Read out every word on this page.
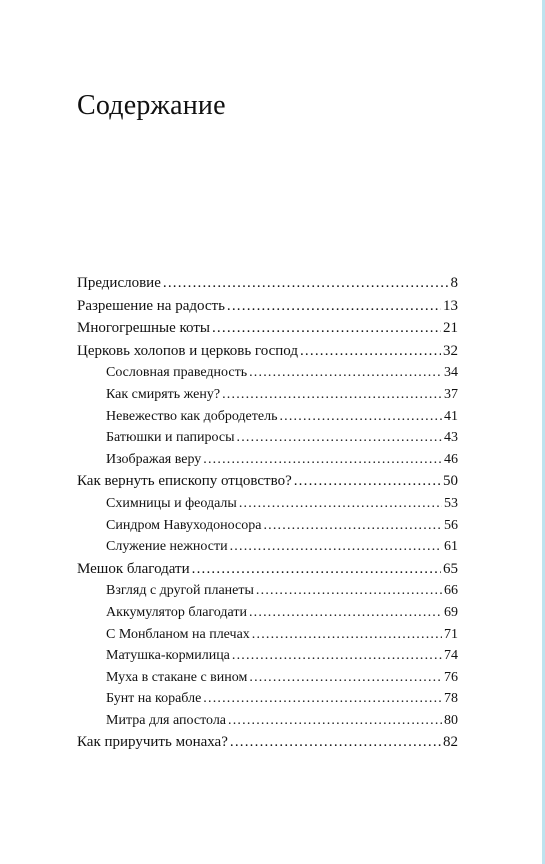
Содержание
Предисловие .....	8
Разрешение на радость .....	13
Многогрешные коты .....	21
Церковь холопов и церковь господ .....	32
Сословная праведность .....	34
Как смирять жену? .....	37
Невежество как добродетель .....	41
Батюшки и папиросы .....	43
Изображая веру .....	46
Как вернуть епископу отцовство? .....	50
Схимницы и феодалы .....	53
Синдром Навуходоносора .....	56
Служение нежности .....	61
Мешок благодати .....	65
Взгляд с другой планеты .....	66
Аккумулятор благодати .....	69
С Монбланом на плечах .....	71
Матушка-кормилица .....	74
Муха в стакане с вином .....	76
Бунт на корабле .....	78
Митра для апостола .....	80
Как приручить монаха? .....	82
